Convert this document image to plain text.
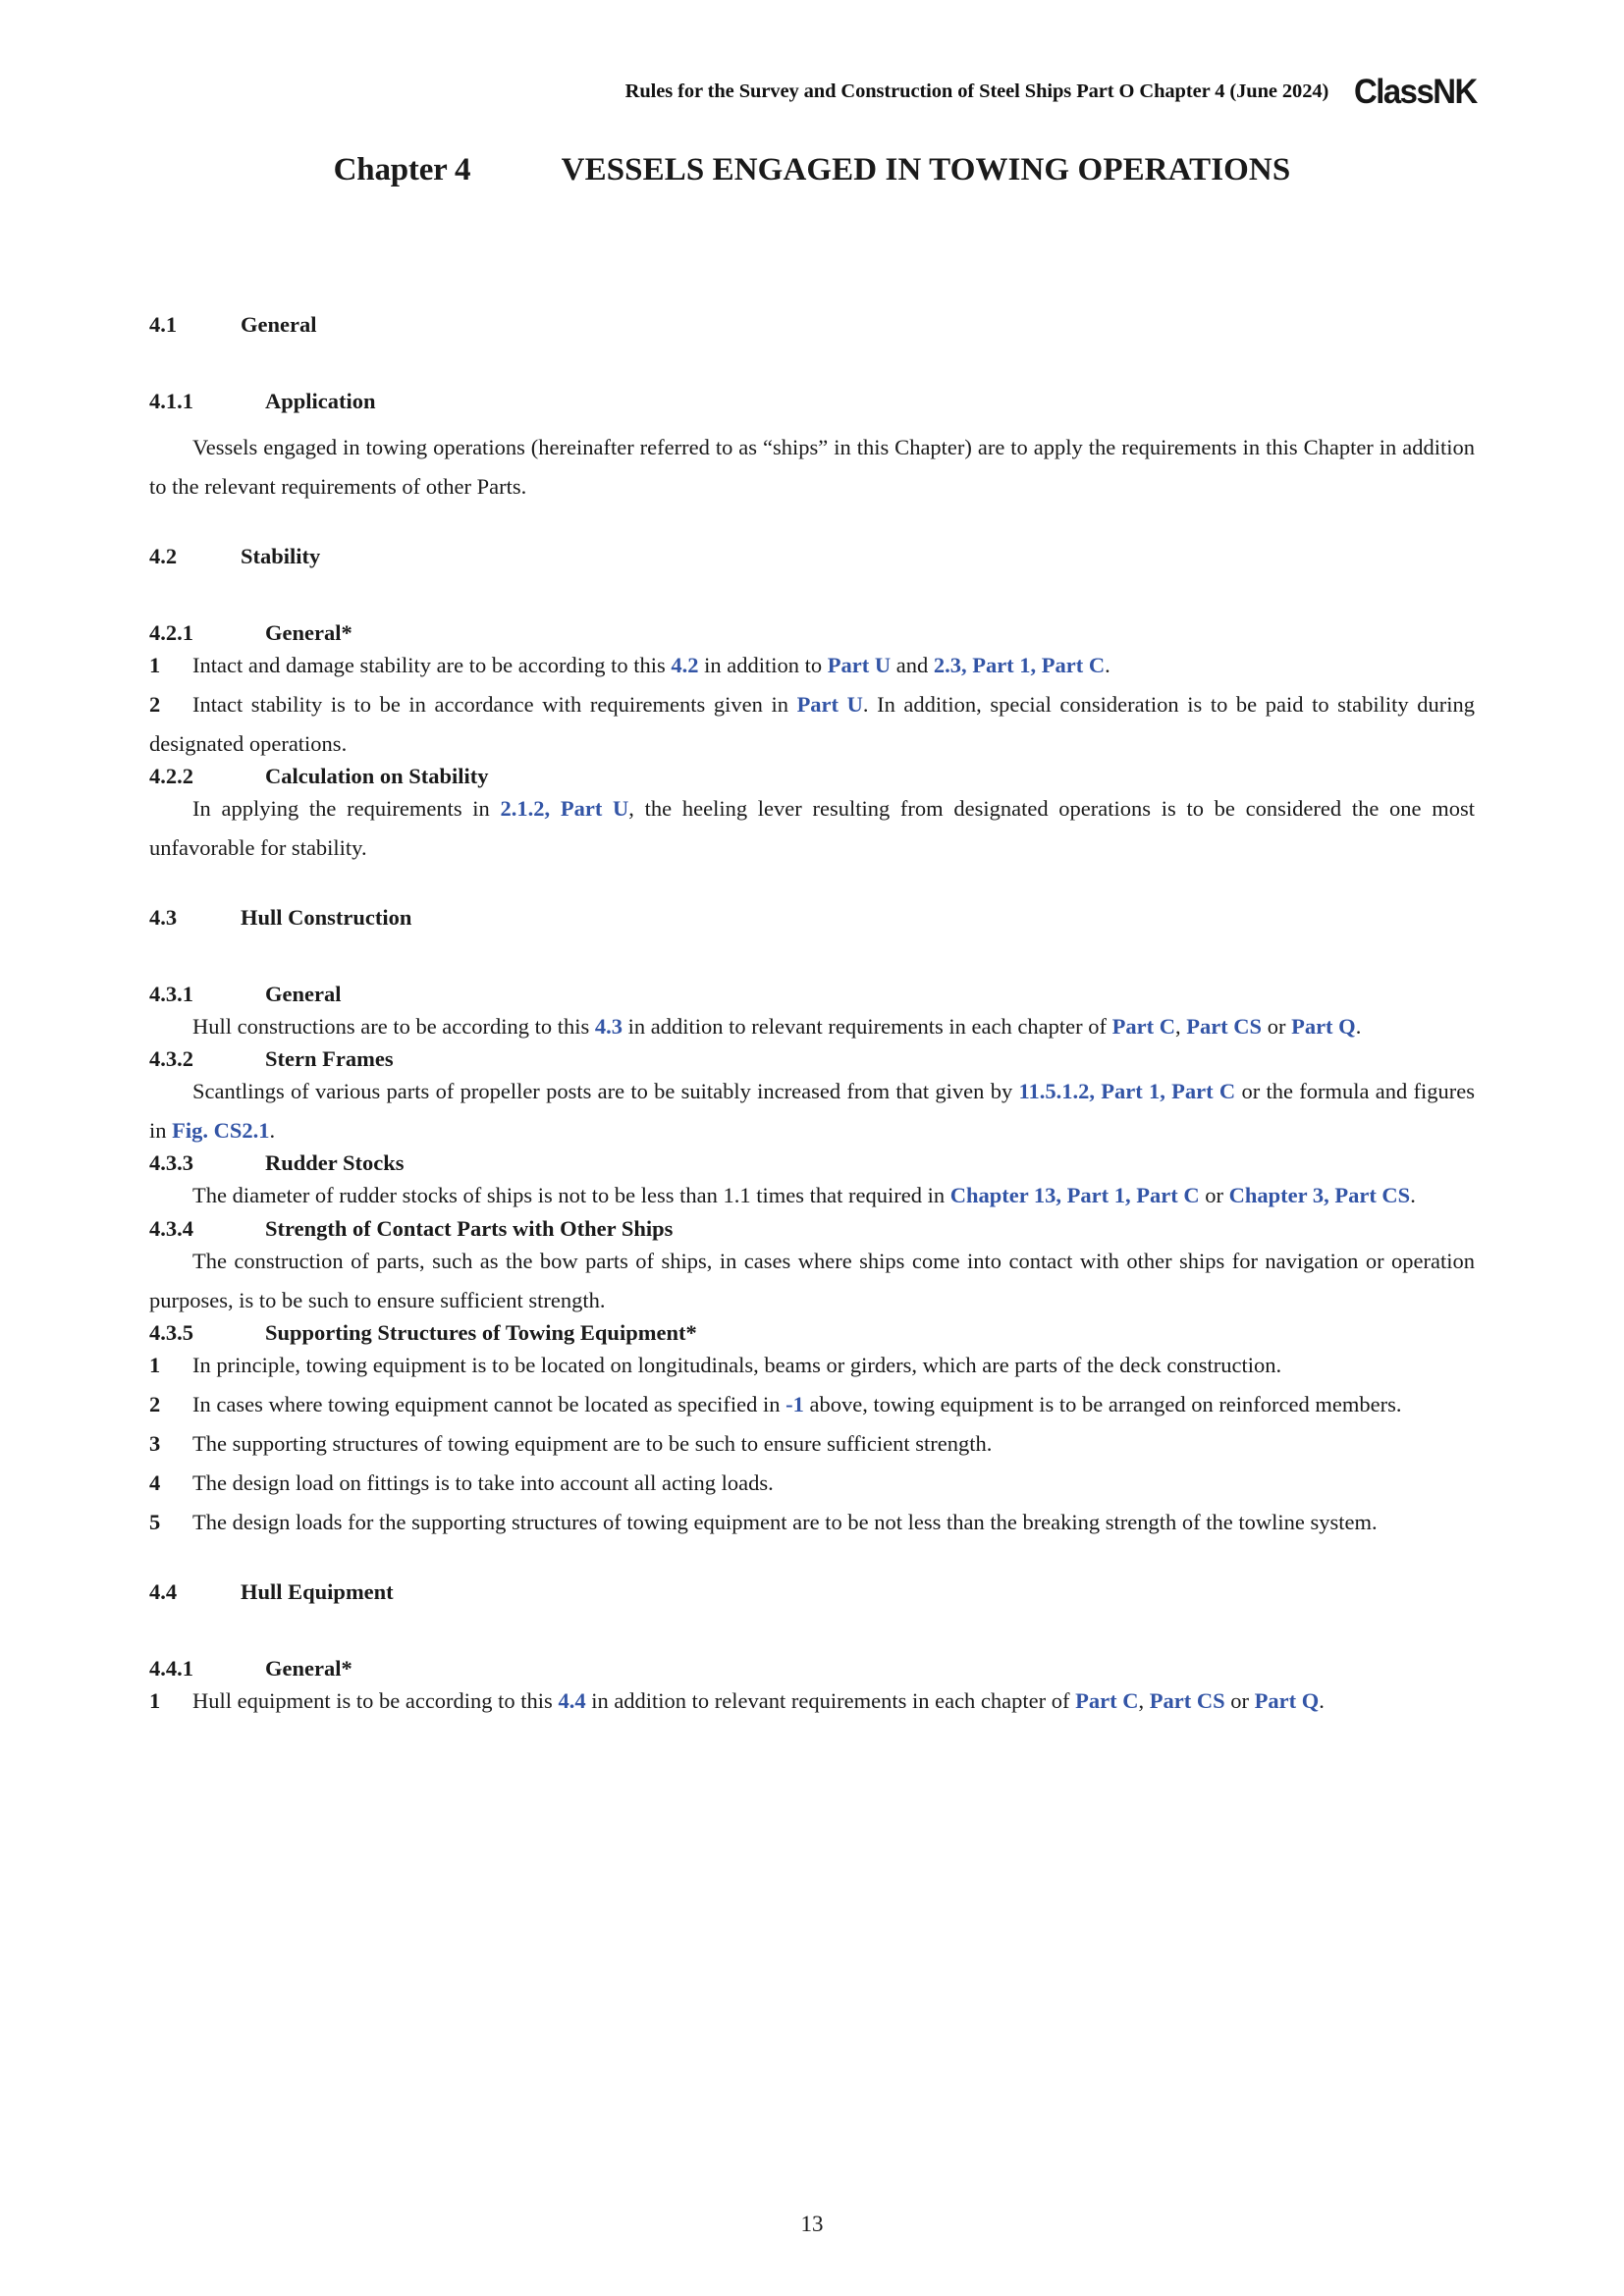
Rules for the Survey and Construction of Steel Ships Part O Chapter 4 (June 2024) ClassNK
Chapter 4	VESSELS ENGAGED IN TOWING OPERATIONS
4.1	General
4.1.1	Application

Vessels engaged in towing operations (hereinafter referred to as “ships” in this Chapter) are to apply the requirements in this Chapter in addition to the relevant requirements of other Parts.

4.2	Stability
4.2.1	General*

1 Intact and damage stability are to be according to this 4.2 in addition to Part U and 2.3, Part 1, Part C.

2 Intact stability is to be in accordance with requirements given in Part U. In addition, special consideration is to be paid to stability during designated operations.

4.2.2	Calculation on Stability

In applying the requirements in 2.1.2, Part U, the heeling lever resulting from designated operations is to be considered the one most unfavorable for stability.

4.3	Hull Construction
4.3.1	General

Hull constructions are to be according to this 4.3 in addition to relevant requirements in each chapter of Part C, Part CS or Part Q.

4.3.2	Stern Frames

Scantlings of various parts of propeller posts are to be suitably increased from that given by 11.5.1.2, Part 1, Part C or the formula and figures in Fig. CS2.1.

4.3.3	Rudder Stocks

The diameter of rudder stocks of ships is not to be less than 1.1 times that required in Chapter 13, Part 1, Part C or Chapter 3, Part CS.

4.3.4	Strength of Contact Parts with Other Ships

The construction of parts, such as the bow parts of ships, in cases where ships come into contact with other ships for navigation or operation purposes, is to be such to ensure sufficient strength.

4.3.5	Supporting Structures of Towing Equipment*

1 In principle, towing equipment is to be located on longitudinals, beams or girders, which are parts of the deck construction.

2 In cases where towing equipment cannot be located as specified in -1 above, towing equipment is to be arranged on reinforced members.

3 The supporting structures of towing equipment are to be such to ensure sufficient strength.

4 The design load on fittings is to take into account all acting loads.

5 The design loads for the supporting structures of towing equipment are to be not less than the breaking strength of the towline system.

4.4	Hull Equipment
4.4.1	General*

1 Hull equipment is to be according to this 4.4 in addition to relevant requirements in each chapter of Part C, Part CS or Part Q.

13
